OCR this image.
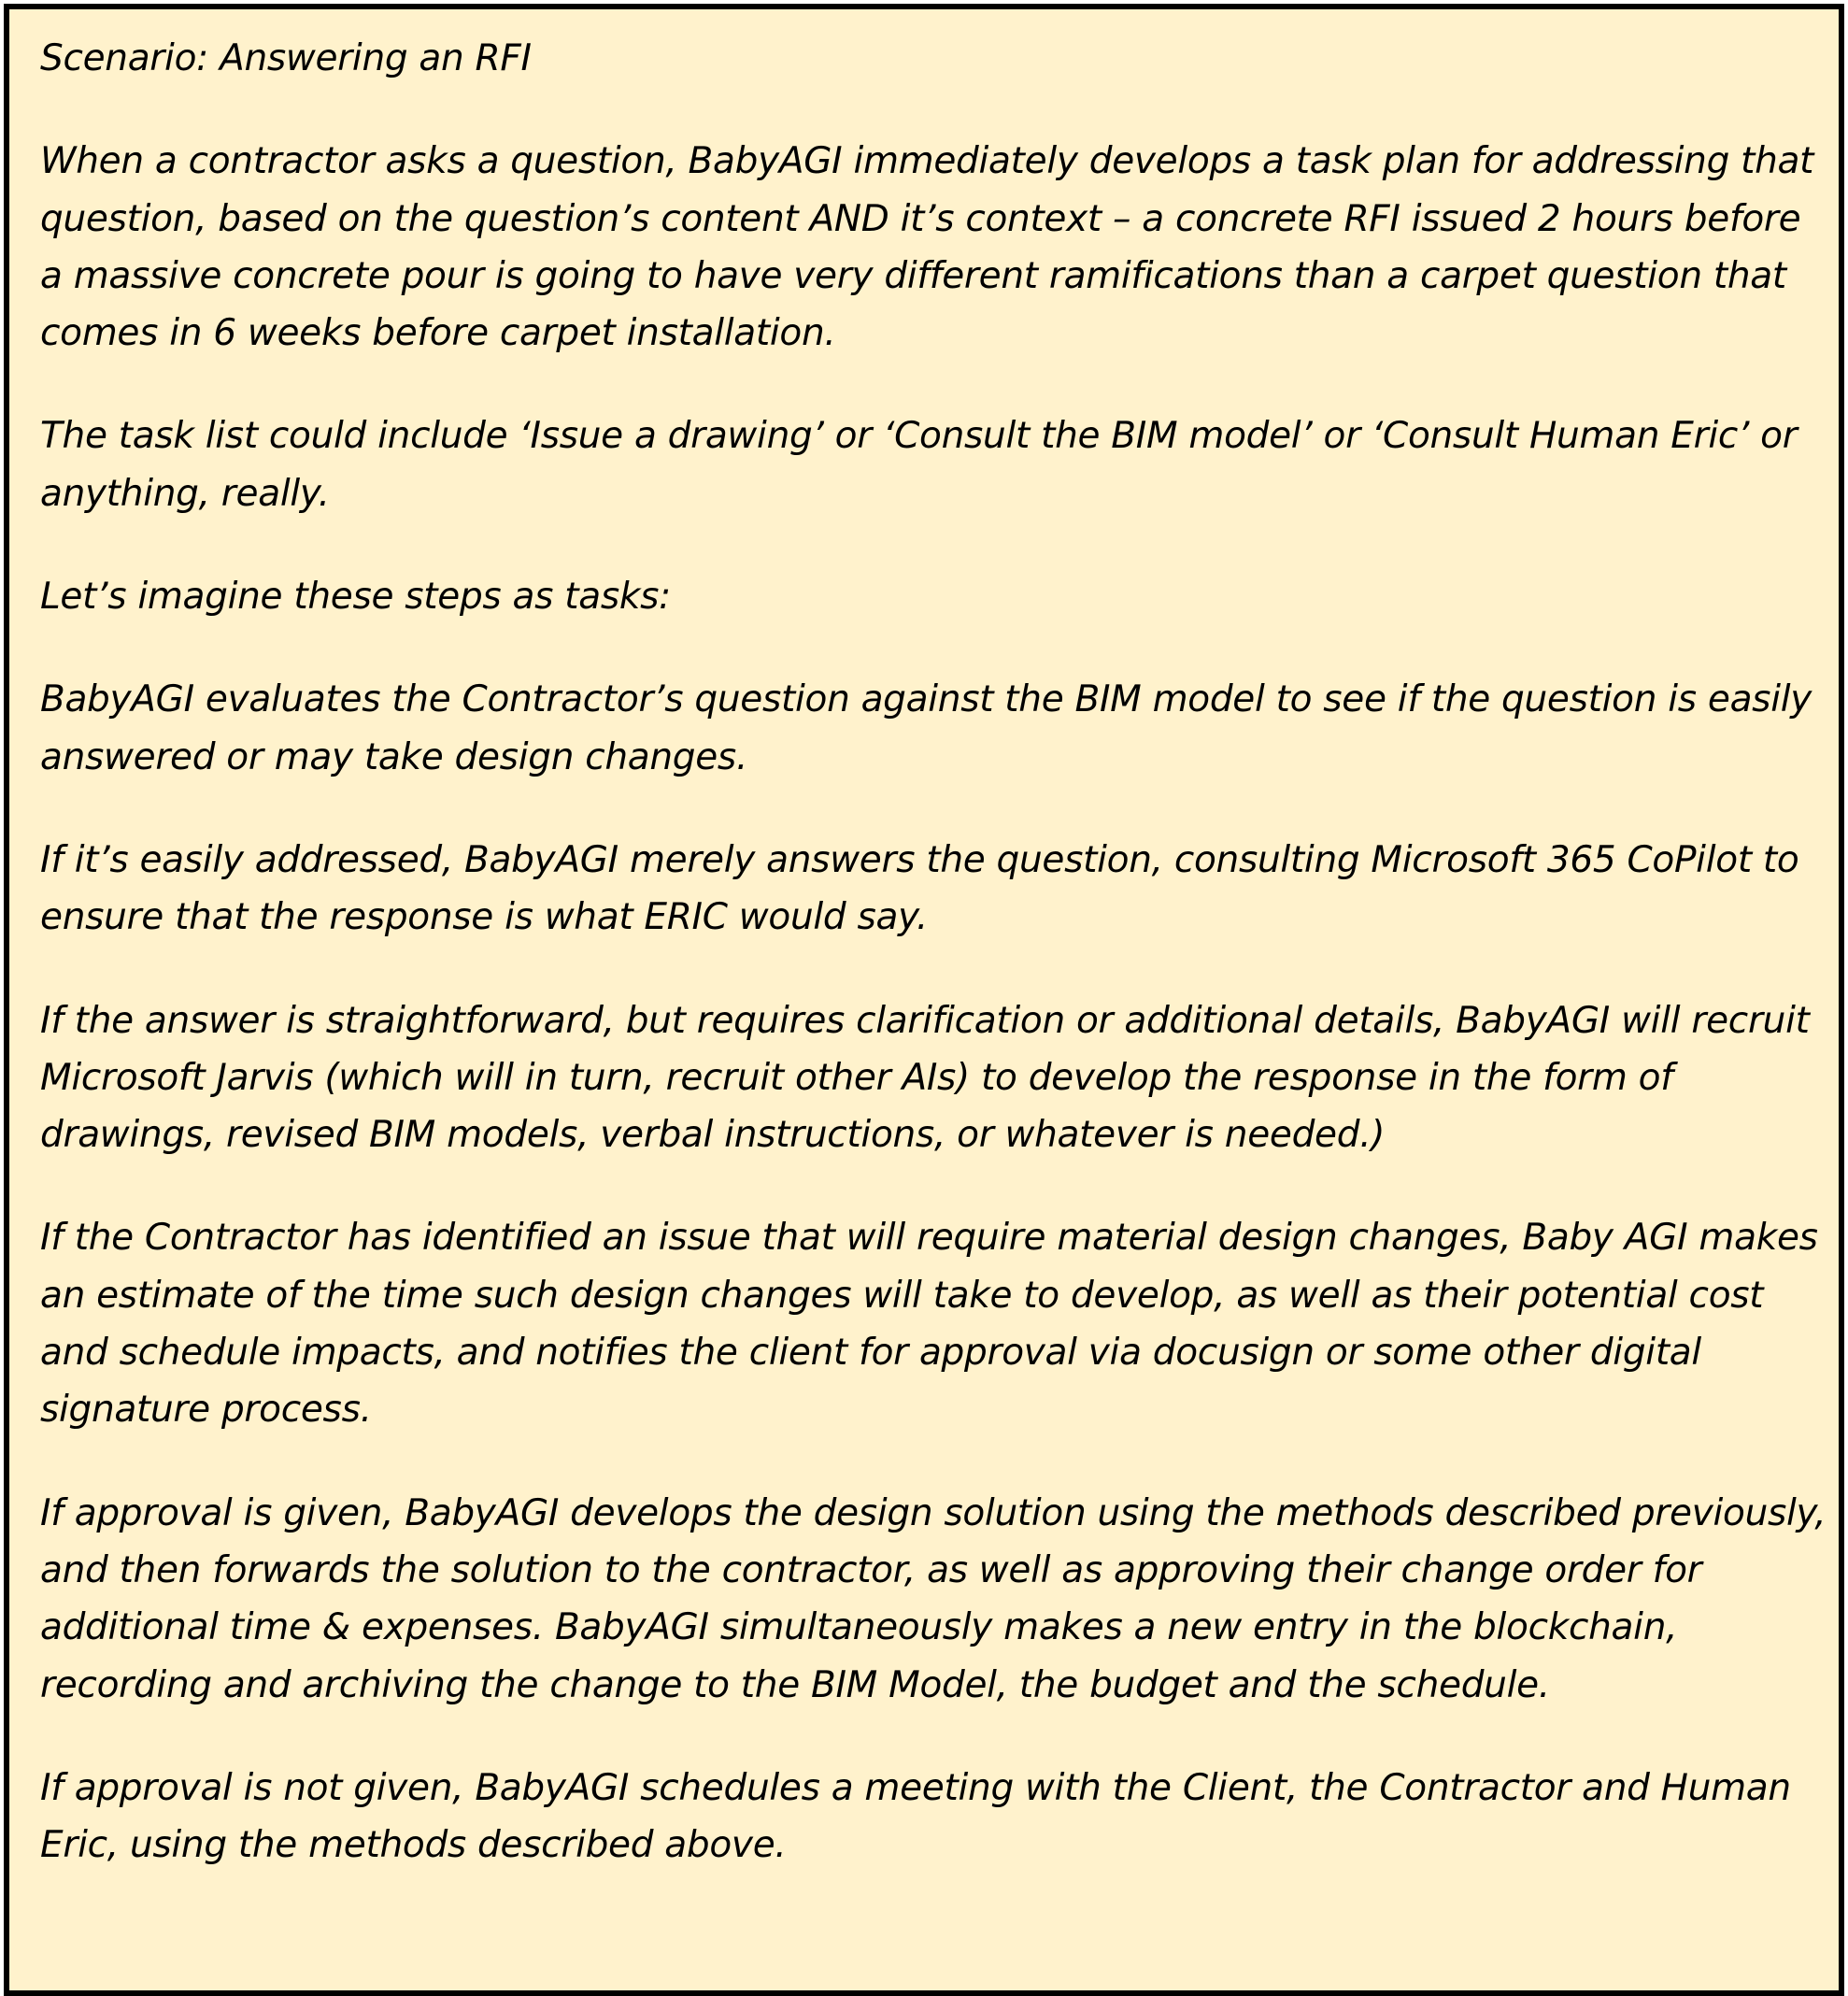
Scenario: Answering an RFI

When a contractor asks a question, BabyAGI immediately develops a task plan for addressing that question, based on the question’s content AND it’s context – a concrete RFI issued 2 hours before a massive concrete pour is going to have very different ramifications than a carpet question that comes in 6 weeks before carpet installation.

The task list could include ‘Issue a drawing’ or ‘Consult the BIM model’ or ‘Consult Human Eric’ or anything, really.

Let’s imagine these steps as tasks:

BabyAGI evaluates the Contractor’s question against the BIM model to see if the question is easily answered or may take design changes.

If it’s easily addressed, BabyAGI merely answers the question, consulting Microsoft 365 CoPilot to ensure that the response is what ERIC would say.

If the answer is straightforward, but requires clarification or additional details, BabyAGI will recruit Microsoft Jarvis (which will in turn, recruit other AIs) to develop the response in the form of drawings, revised BIM models, verbal instructions, or whatever is needed.)

If the Contractor has identified an issue that will require material design changes, Baby AGI makes an estimate of the time such design changes will take to develop, as well as their potential cost and schedule impacts, and notifies the client for approval via docusign or some other digital signature process.

If approval is given, BabyAGI develops the design solution using the methods described previously, and then forwards the solution to the contractor, as well as approving their change order for additional time & expenses. BabyAGI simultaneously makes a new entry in the blockchain, recording and archiving the change to the BIM Model, the budget and the schedule.

If approval is not given, BabyAGI schedules a meeting with the Client, the Contractor and Human Eric, using the methods described above.
